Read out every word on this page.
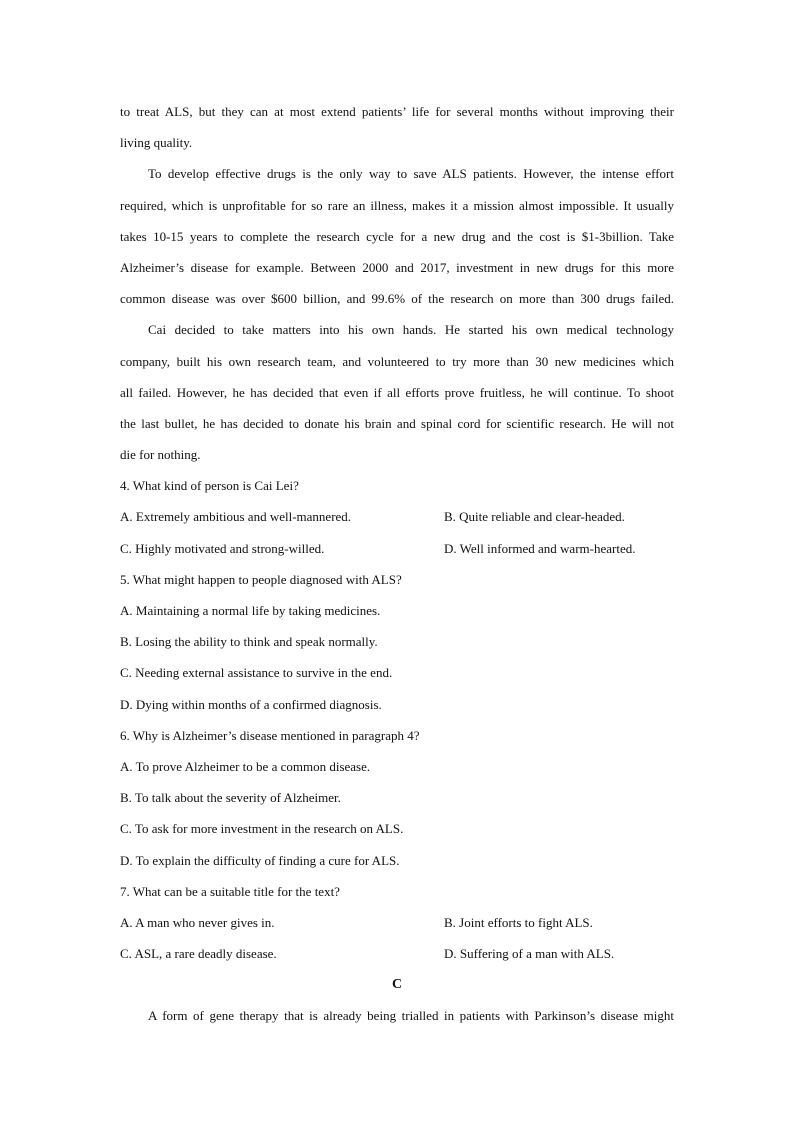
to treat ALS, but they can at most extend patients’ life for several months without improving their
living quality.
To develop effective drugs is the only way to save ALS patients. However, the intense effort
required, which is unprofitable for so rare an illness, makes it a mission almost impossible. It usually
takes 10-15 years to complete the research cycle for a new drug and the cost is $1-3billion. Take
Alzheimer’s disease for example. Between 2000 and 2017, investment in new drugs for this more
common disease was over $600 billion, and 99.6% of the research on more than 300 drugs failed.
Cai decided to take matters into his own hands. He started his own medical technology
company, built his own research team, and volunteered to try more than 30 new medicines which
all failed. However, he has decided that even if all efforts prove fruitless, he will continue. To shoot
the last bullet, he has decided to donate his brain and spinal cord for scientific research. He will not
die for nothing.
4. What kind of person is Cai Lei?
A. Extremely ambitious and well-mannered.	B. Quite reliable and clear-headed.
C. Highly motivated and strong-willed.	D. Well informed and warm-hearted.
5. What might happen to people diagnosed with ALS?
A. Maintaining a normal life by taking medicines.
B. Losing the ability to think and speak normally.
C. Needing external assistance to survive in the end.
D. Dying within months of a confirmed diagnosis.
6. Why is Alzheimer’s disease mentioned in paragraph 4?
A. To prove Alzheimer to be a common disease.
B. To talk about the severity of Alzheimer.
C. To ask for more investment in the research on ALS.
D. To explain the difficulty of finding a cure for ALS.
7. What can be a suitable title for the text?
A. A man who never gives in.	B. Joint efforts to fight ALS.
C. ASL, a rare deadly disease.	D. Suffering of a man with ALS.
C
A form of gene therapy that is already being trialled in patients with Parkinson’s disease might
